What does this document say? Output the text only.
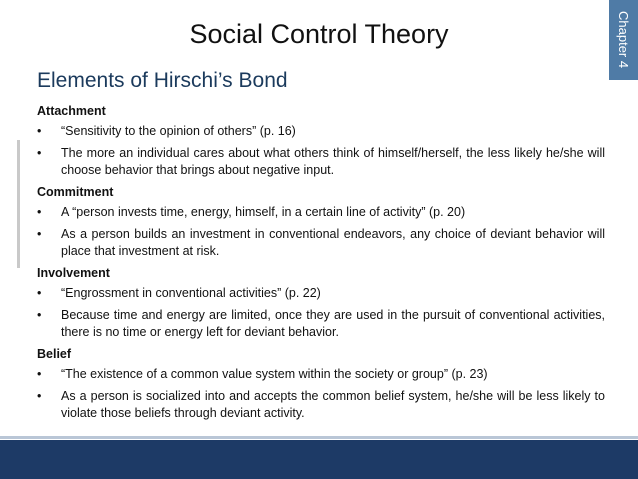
Chapter 4
Social Control Theory
Elements of Hirschi’s Bond

Attachment

• “Sensitivity to the opinion of others” (p. 16)

• The more an individual cares about what others think of himself/herself, the less likely he/she will choose behavior that brings about negative input.

Commitment

• A “person invests time, energy, himself, in a certain line of activity” (p. 20)

• As a person builds an investment in conventional endeavors, any choice of deviant behavior will place that investment at risk.

Involvement

• “Engrossment in conventional activities” (p. 22)

• Because time and energy are limited, once they are used in the pursuit of conventional activities, there is no time or energy left for deviant behavior.

Belief

• “The existence of a common value system within the society or group” (p. 23)

• As a person is socialized into and accepts the common belief system, he/she will be less likely to violate those beliefs through deviant activity.
